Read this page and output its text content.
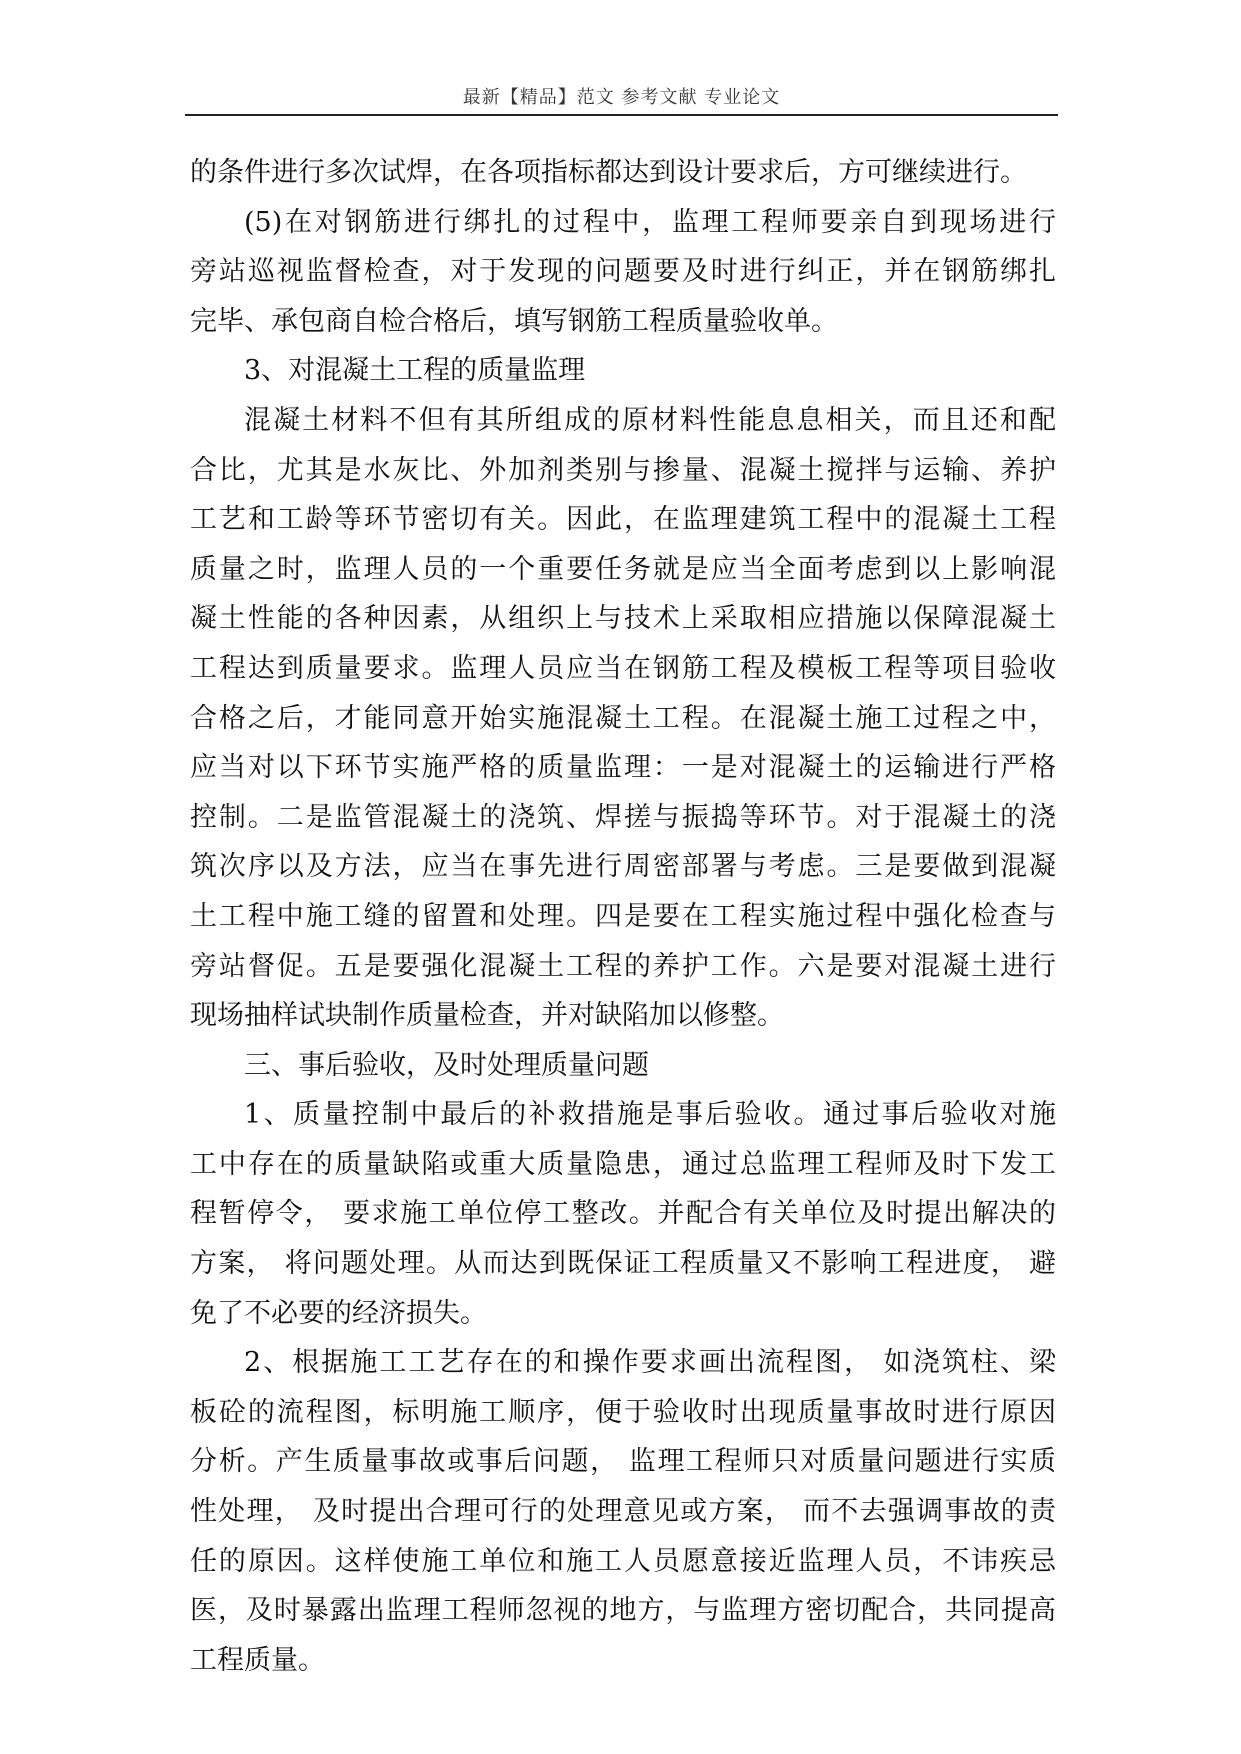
最新【精品】范文 参考文献 专业论文
的条件进行多次试焊，在各项指标都达到设计要求后，方可继续进行。
(5)在对钢筋进行绑扎的过程中，监理工程师要亲自到现场进行
旁站巡视监督检查，对于发现的问题要及时进行纠正，并在钢筋绑扎
完毕、承包商自检合格后，填写钢筋工程质量验收单。
3、对混凝土工程的质量监理
混凝土材料不但有其所组成的原材料性能息息相关，而且还和配
合比，尤其是水灰比、外加剂类别与掺量、混凝土搅拌与运输、养护
工艺和工龄等环节密切有关。因此，在监理建筑工程中的混凝土工程
质量之时，监理人员的一个重要任务就是应当全面考虑到以上影响混
凝土性能的各种因素，从组织上与技术上采取相应措施以保障混凝土
工程达到质量要求。监理人员应当在钢筋工程及模板工程等项目验收
合格之后，才能同意开始实施混凝土工程。在混凝土施工过程之中，
应当对以下环节实施严格的质量监理：一是对混凝土的运输进行严格
控制。二是监管混凝土的浇筑、焊搓与振捣等环节。对于混凝土的浇
筑次序以及方法，应当在事先进行周密部署与考虑。三是要做到混凝
土工程中施工缝的留置和处理。四是要在工程实施过程中强化检查与
旁站督促。五是要强化混凝土工程的养护工作。六是要对混凝土进行
现场抽样试块制作质量检查，并对缺陷加以修整。
三、事后验收，及时处理质量问题
1、质量控制中最后的补救措施是事后验收。通过事后验收对施
工中存在的质量缺陷或重大质量隐患，通过总监理工程师及时下发工
程暂停令， 要求施工单位停工整改。并配合有关单位及时提出解决的
方案， 将问题处理。从而达到既保证工程质量又不影响工程进度， 避
免了不必要的经济损失。
2、根据施工工艺存在的和操作要求画出流程图， 如浇筑柱、梁
板砼的流程图，标明施工顺序，便于验收时出现质量事故时进行原因
分析。产生质量事故或事后问题， 监理工程师只对质量问题进行实质
性处理， 及时提出合理可行的处理意见或方案， 而不去强调事故的责
任的原因。这样使施工单位和施工人员愿意接近监理人员，不讳疾忌
医，及时暴露出监理工程师忽视的地方，与监理方密切配合，共同提高
工程质量。
